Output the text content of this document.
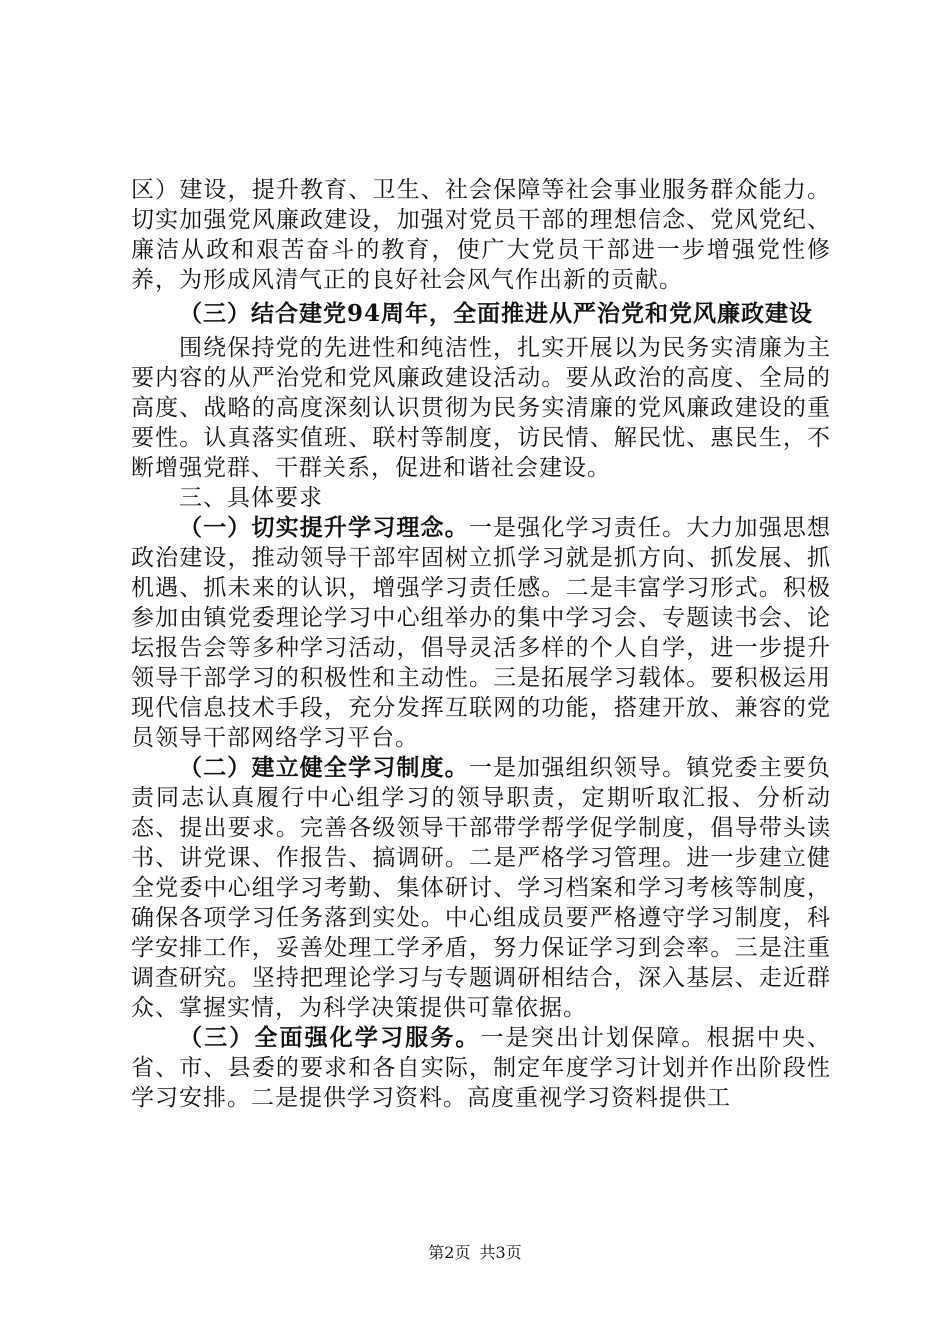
区）建设，提升教育、卫生、社会保障等社会事业服务群众能力。切实加强党风廉政建设，加强对党员干部的理想信念、党风党纪、廉洁从政和艰苦奋斗的教育，使广大党员干部进一步增强党性修养，为形成风清气正的良好社会风气作出新的贡献。

（三）结合建党94周年，全面推进从严治党和党风廉政建设

围绕保持党的先进性和纯洁性，扎实开展以为民务实清廉为主要内容的从严治党和党风廉政建设活动。要从政治的高度、全局的高度、战略的高度深刻认识贯彻为民务实清廉的党风廉政建设的重要性。认真落实值班、联村等制度，访民情、解民忧、惠民生，不断增强党群、干群关系，促进和谐社会建设。

三、具体要求

（一）切实提升学习理念。一是强化学习责任。大力加强思想政治建设，推动领导干部牢固树立抓学习就是抓方向、抓发展、抓机遇、抓未来的认识，增强学习责任感。二是丰富学习形式。积极参加由镇党委理论学习中心组举办的集中学习会、专题读书会、论坛报告会等多种学习活动，倡导灵活多样的个人自学，进一步提升领导干部学习的积极性和主动性。三是拓展学习载体。要积极运用现代信息技术手段，充分发挥互联网的功能，搭建开放、兼容的党员领导干部网络学习平台。

（二）建立健全学习制度。一是加强组织领导。镇党委主要负责同志认真履行中心组学习的领导职责，定期听取汇报、分析动态、提出要求。完善各级领导干部带学帮学促学制度，倡导带头读书、讲党课、作报告、搞调研。二是严格学习管理。进一步建立健全党委中心组学习考勤、集体研讨、学习档案和学习考核等制度，确保各项学习任务落到实处。中心组成员要严格遵守学习制度，科学安排工作，妥善处理工学矛盾，努力保证学习到会率。三是注重调查研究。坚持把理论学习与专题调研相结合，深入基层、走近群众、掌握实情，为科学决策提供可靠依据。

（三）全面强化学习服务。一是突出计划保障。根据中央、省、市、县委的要求和各自实际，制定年度学习计划并作出阶段性学习安排。二是提供学习资料。高度重视学习资料提供工

第2页 共3页
